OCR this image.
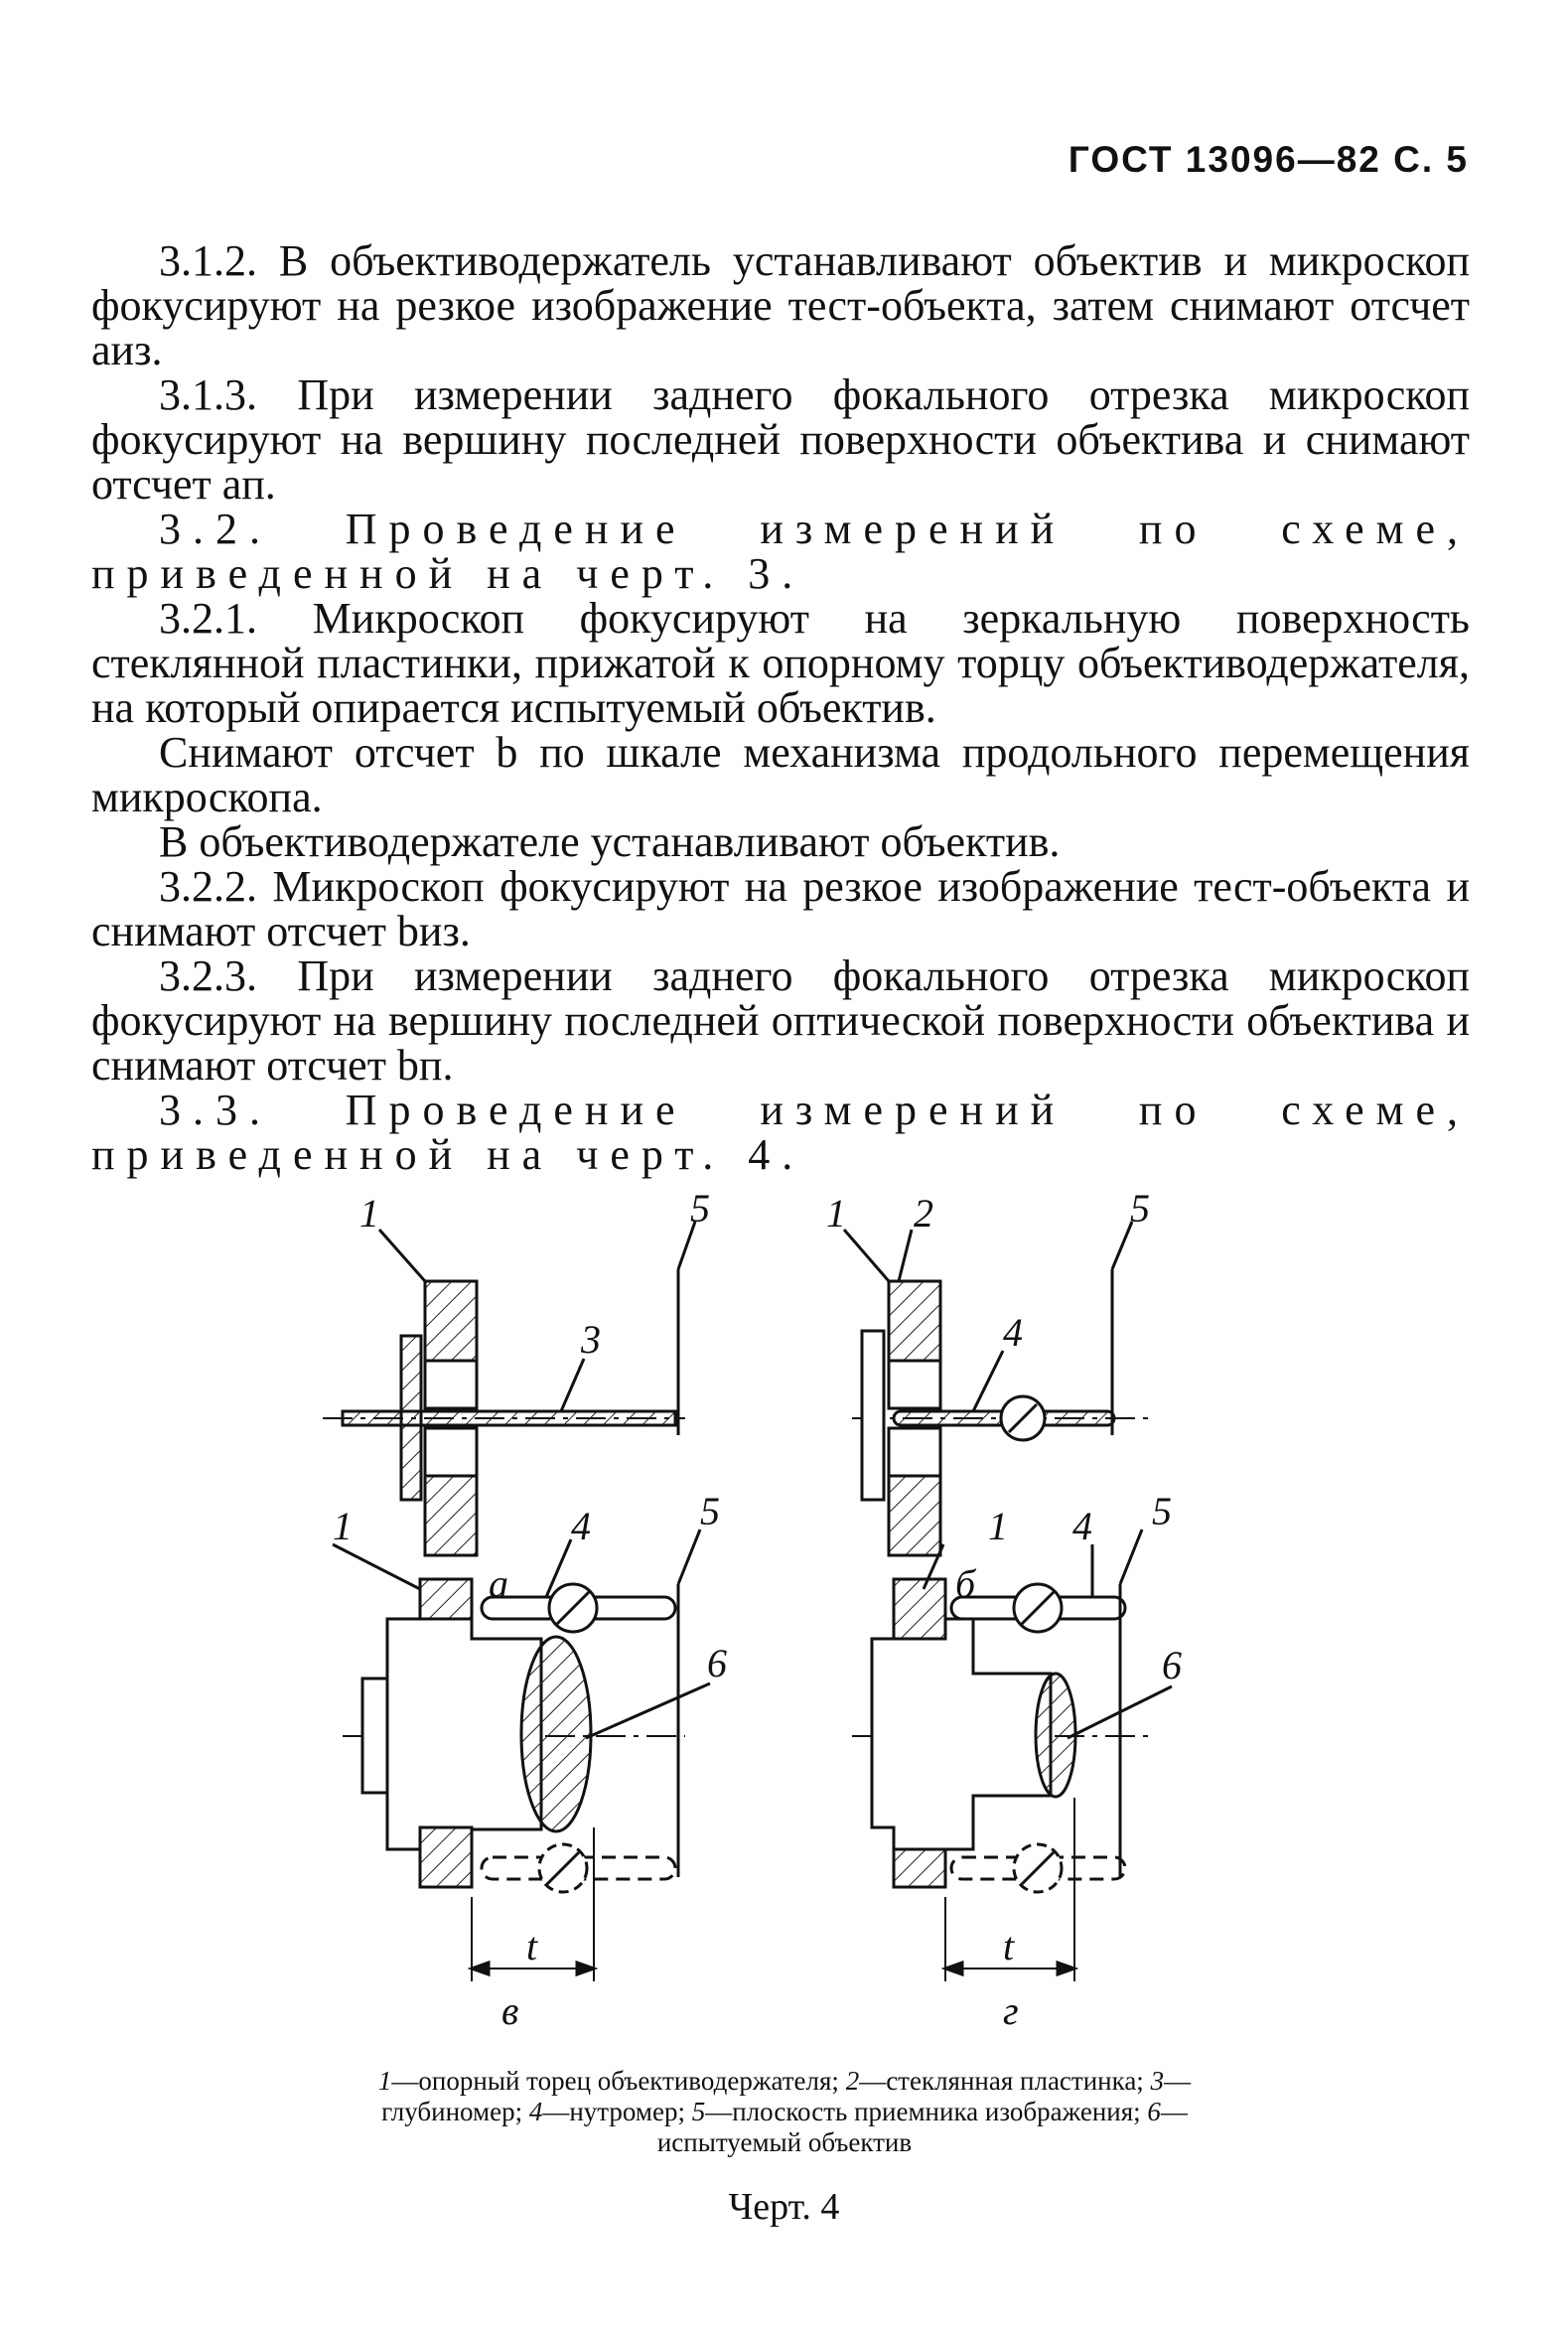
ГОСТ 13096—82 С. 5

3.1.2. В объективодержатель устанавливают объектив и микроскоп фокусируют на резкое изображение тест-объекта, затем снимают отсчет aиз.

3.1.3. При измерении заднего фокального отрезка микроскоп фокусируют на вершину последней поверхности объектива и снимают отсчет aп.

3.2. Проведение измерений по схеме, приведенной на черт. 3.

3.2.1. Микроскоп фокусируют на зеркальную поверхность стеклянной пластинки, прижатой к опорному торцу объективодержателя, на который опирается испытуемый объектив.

Снимают отсчет b по шкале механизма продольного перемещения микроскопа.

В объективодержателе устанавливают объектив.

3.2.2. Микроскоп фокусируют на резкое изображение тест-объекта и снимают отсчет bиз.

3.2.3. При измерении заднего фокального отрезка микроскоп фокусируют на вершину последней оптической поверхности объектива и снимают отсчет bп.

3.3. Проведение измерений по схеме, приведенной на черт. 4.

1	5
3
а
1 2	5
4
б
1	4	5
6
t
в
1 4 5
6
t
г
1—опорный торец объективодержателя; 2—стеклянная пластинка; 3—глубиномер; 4—нутромер; 5—плоскость приемника изображения; 6—испытуемый объектив
Черт. 4
